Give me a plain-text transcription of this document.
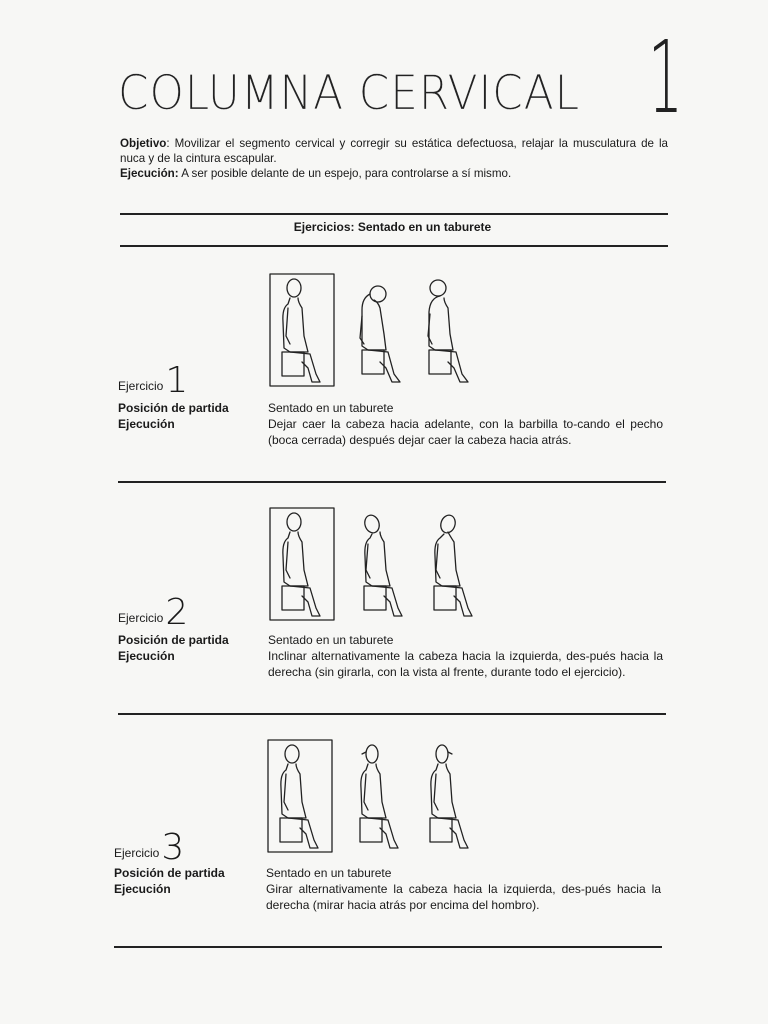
COLUMNA CERVICAL 1

Objetivo: Movilizar el segmento cervical y corregir su estática defectuosa, relajar la musculatura de la nuca y de la cintura escapular.

Ejecución: A ser posible delante de un espejo, para controlarse a sí mismo.

Ejercicios: Sentado en un taburete
Ejercicio1
Posición de partida
Ejecución

Sentado en un taburete

Dejar caer la cabeza hacia adelante, con la barbilla to-cando el pecho (boca cerrada) después dejar caer la cabeza hacia atrás.

Ejercicio2
Posición de partida
Ejecución

Sentado en un taburete

Inclinar alternativamente la cabeza hacia la izquierda, des-pués hacia la derecha (sin girarla, con la vista al frente, durante todo el ejercicio).

Ejercicio3
Posición de partida
Ejecución

Sentado en un taburete

Girar alternativamente la cabeza hacia la izquierda, des-pués hacia la derecha (mirar hacia atrás por encima del hombro).
